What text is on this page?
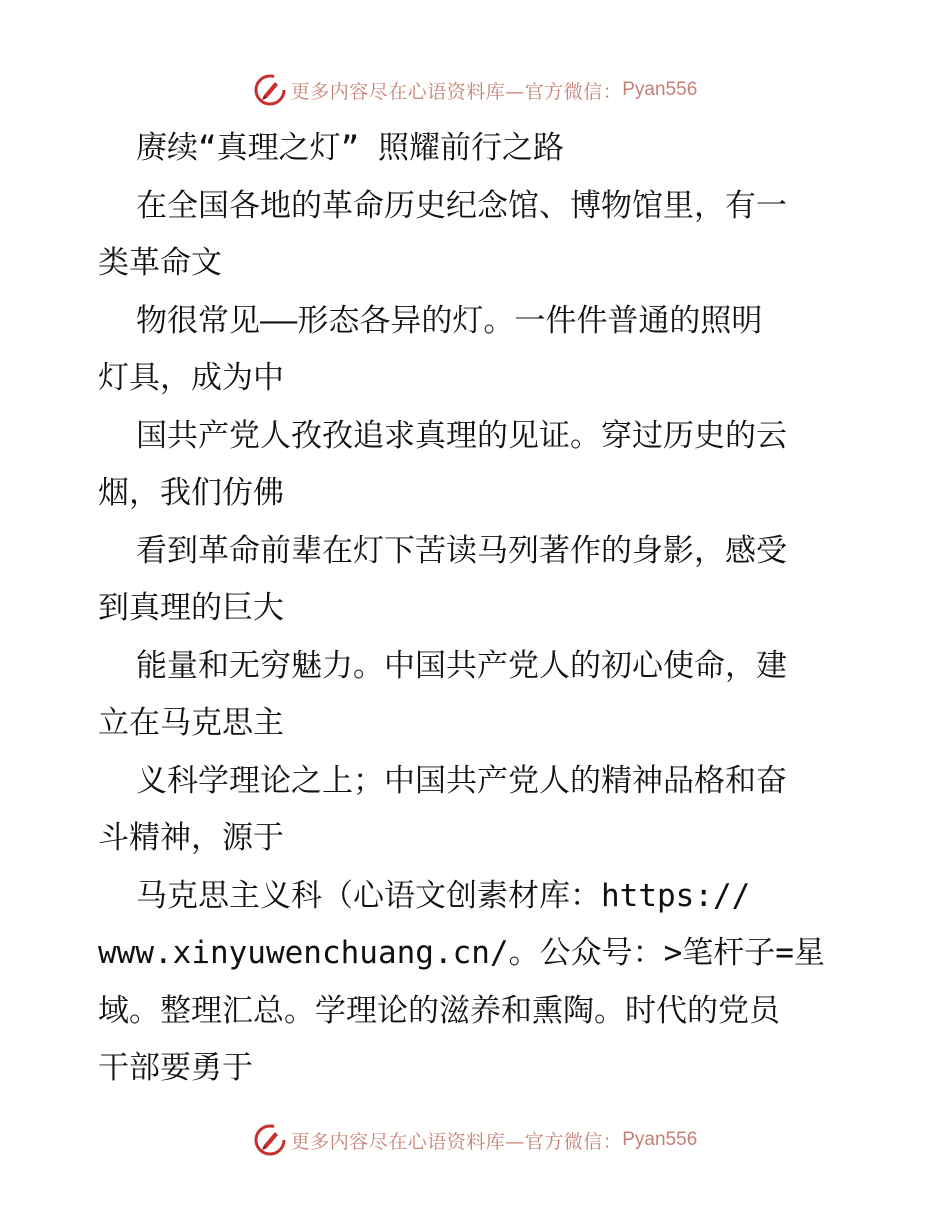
更多内容尽在心语资料库—官方微信： Pyan556
赓续“真理之灯” 照耀前行之路
在全国各地的革命历史纪念馆、博物馆里，有一
类革命文
物很常见——形态各异的灯。一件件普通的照明
灯具，成为中
国共产党人孜孜追求真理的见证。穿过历史的云
烟，我们仿佛
看到革命前辈在灯下苦读马列著作的身影，感受
到真理的巨大
能量和无穷魅力。中国共产党人的初心使命，建
立在马克思主
义科学理论之上；中国共产党人的精神品格和奋
斗精神，源于
马克思主义科（心语文创素材库：https://
www.xinyuwenchuang.cn/。公众号：>笔杆子=星
域。整理汇总。学理论的滋养和熏陶。时代的党员
干部要勇于
更多内容尽在心语资料库—官方微信： Pyan556
